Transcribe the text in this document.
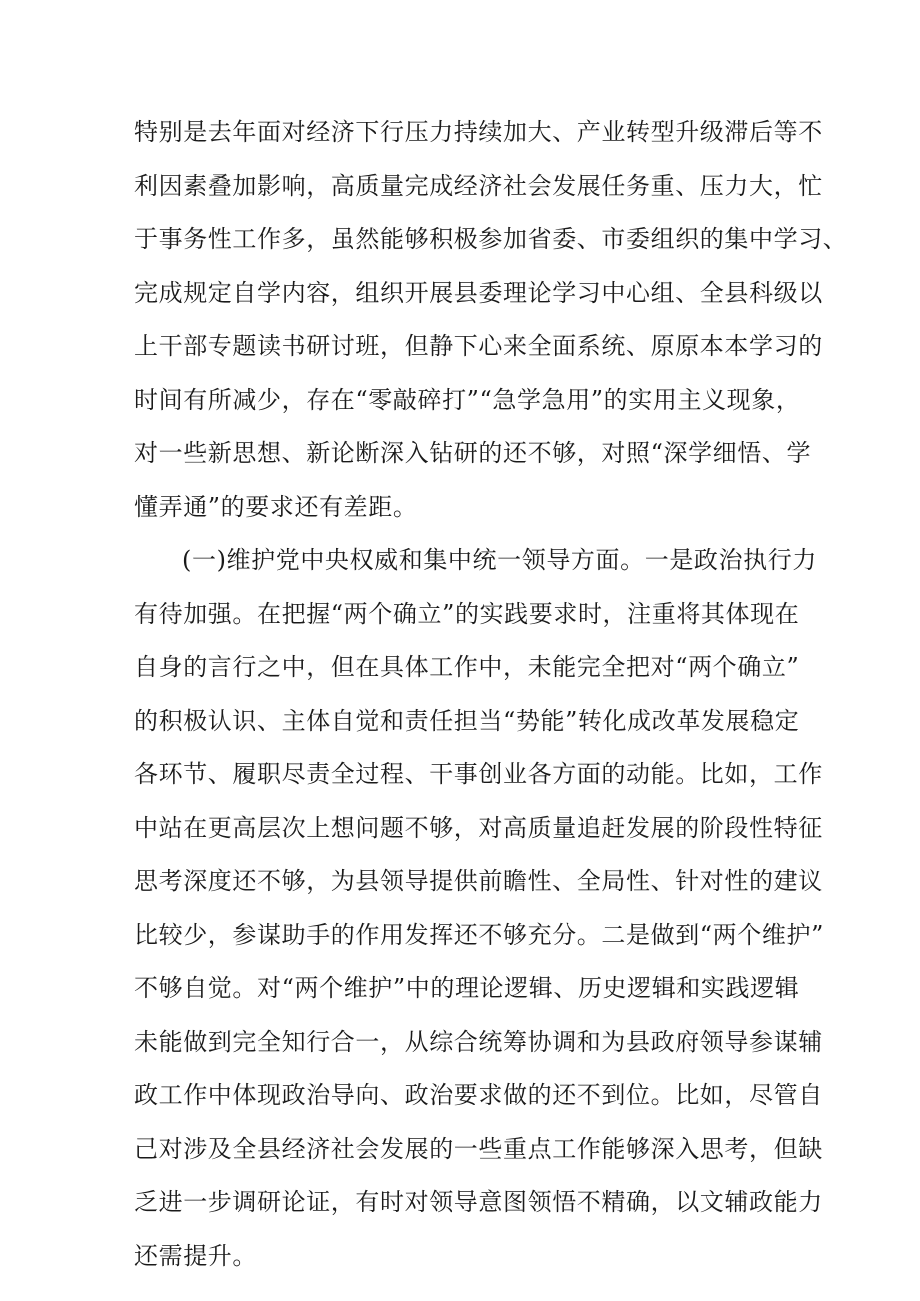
特别是去年面对经济下行压力持续加大、产业转型升级滞后等不
利因素叠加影响，高质量完成经济社会发展任务重、压力大，忙
于事务性工作多，虽然能够积极参加省委、市委组织的集中学习、
完成规定自学内容，组织开展县委理论学习中心组、全县科级以
上干部专题读书研讨班，但静下心来全面系统、原原本本学习的
时间有所减少，存在“零敲碎打”“急学急用”的实用主义现象，
对一些新思想、新论断深入钻研的还不够，对照“深学细悟、学
懂弄通”的要求还有差距。
(一)维护党中央权威和集中统一领导方面。一是政治执行力
有待加强。在把握“两个确立”的实践要求时，注重将其体现在
自身的言行之中，但在具体工作中，未能完全把对“两个确立”
的积极认识、主体自觉和责任担当“势能”转化成改革发展稳定
各环节、履职尽责全过程、干事创业各方面的动能。比如，工作
中站在更高层次上想问题不够，对高质量追赶发展的阶段性特征
思考深度还不够，为县领导提供前瞻性、全局性、针对性的建议
比较少，参谋助手的作用发挥还不够充分。二是做到“两个维护”
不够自觉。对“两个维护”中的理论逻辑、历史逻辑和实践逻辑
未能做到完全知行合一，从综合统筹协调和为县政府领导参谋辅
政工作中体现政治导向、政治要求做的还不到位。比如，尽管自
己对涉及全县经济社会发展的一些重点工作能够深入思考，但缺
乏进一步调研论证，有时对领导意图领悟不精确，以文辅政能力
还需提升。
